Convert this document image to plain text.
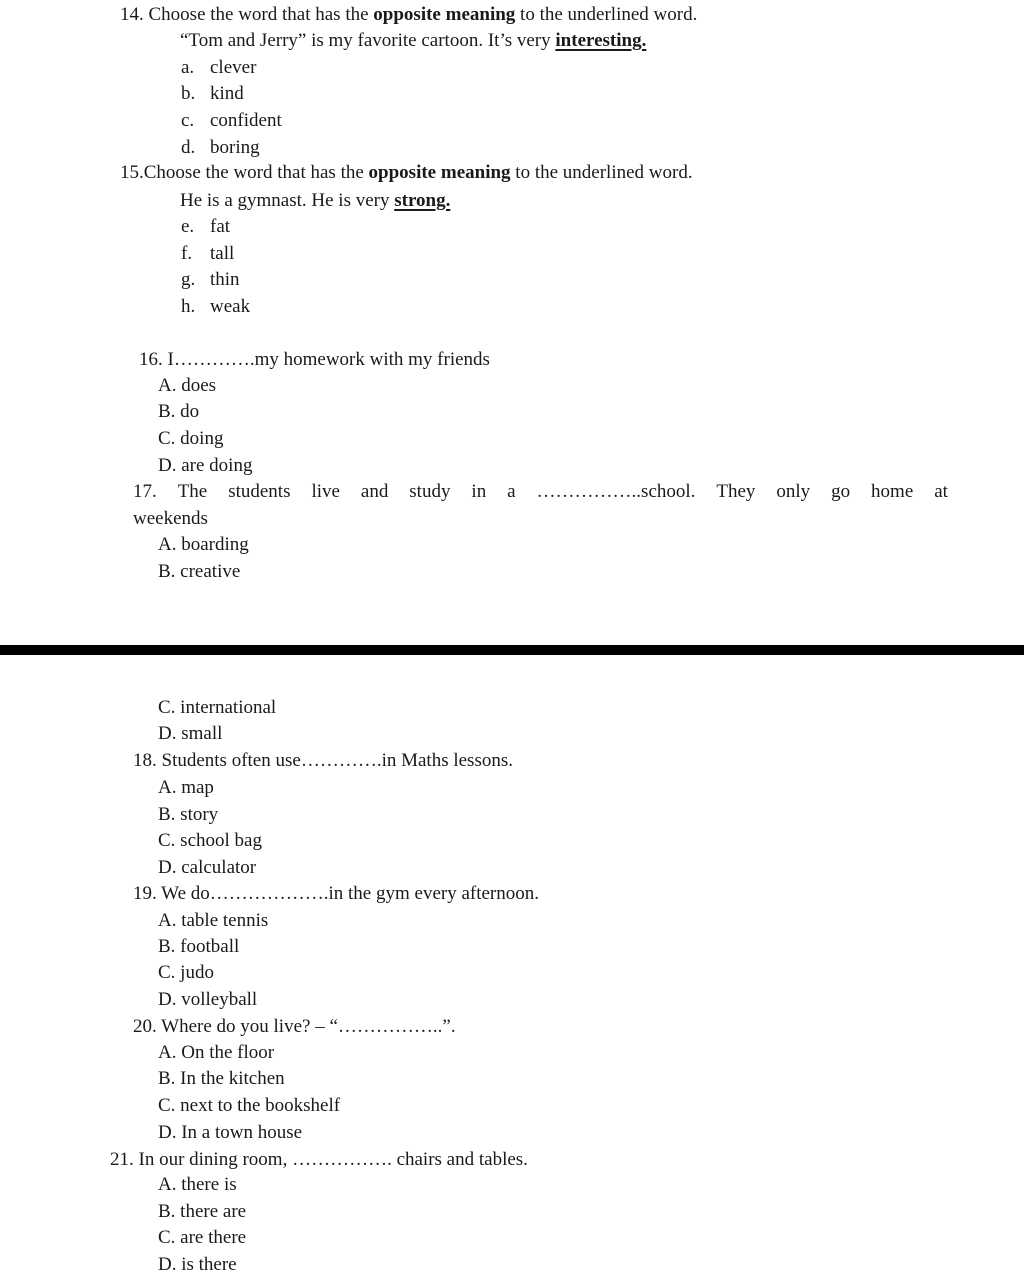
14. Choose the word that has the opposite meaning to the underlined word.
“Tom and Jerry” is my favorite cartoon. It’s very interesting.
a. clever
b. kind
c. confident
d. boring
15.Choose the word that has the opposite meaning to the underlined word.
He is a gymnast. He is very strong.
e. fat
f. tall
g. thin
h. weak
16. I………….my homework with my friends
A. does
B. do
C. doing
D. are doing
17. The students live and study in a ……………..school. They only go home at
weekends
A. boarding
B. creative
C. international
D. small
18. Students often use………….in Maths lessons.
A. map
B. story
C. school bag
D. calculator
19. We do……………….in the gym every afternoon.
A. table tennis
B. football
C. judo
D. volleyball
20. Where do you live? – “……………..”.
A. On the floor
B. In the kitchen
C. next to the bookshelf
D. In a town house
21. In our dining room, ……………. chairs and tables.
A. there is
B. there are
C. are there
D. is there
